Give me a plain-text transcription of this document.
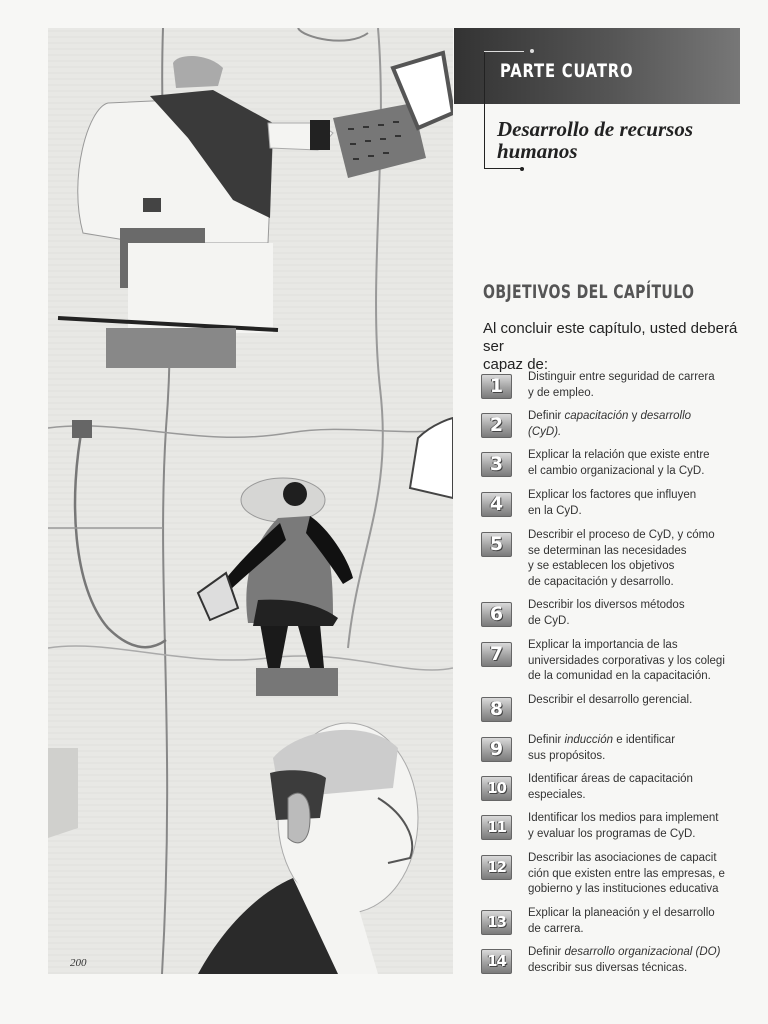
200
PARTE CUATRO
Desarrollo de recursos
humanos
OBJETIVOS DEL CAPÍTULO
Al concluir este capítulo, usted deberá ser
capaz de:
1	Distinguir entre seguridad de carrera
y de empleo.
2	Definir capacitación y desarrollo
(CyD).
3	Explicar la relación que existe entre
el cambio organizacional y la CyD.
4	Explicar los factores que influyen
en la CyD.
5	Describir el proceso de CyD, y cómo
se determinan las necesidades
y se establecen los objetivos
de capacitación y desarrollo.
6	Describir los diversos métodos
de CyD.
7	Explicar la importancia de las
universidades corporativas y los colegi
de la comunidad en la capacitación.
8	Describir el desarrollo gerencial.
9	Definir inducción e identificar
sus propósitos.
10	Identificar áreas de capacitación
especiales.
11	Identificar los medios para implement
y evaluar los programas de CyD.
12	Describir las asociaciones de capacit
ción que existen entre las empresas, e
gobierno y las instituciones educativa
13	Explicar la planeación y el desarrollo
de carrera.
14	Definir desarrollo organizacional (DO)
describir sus diversas técnicas.
